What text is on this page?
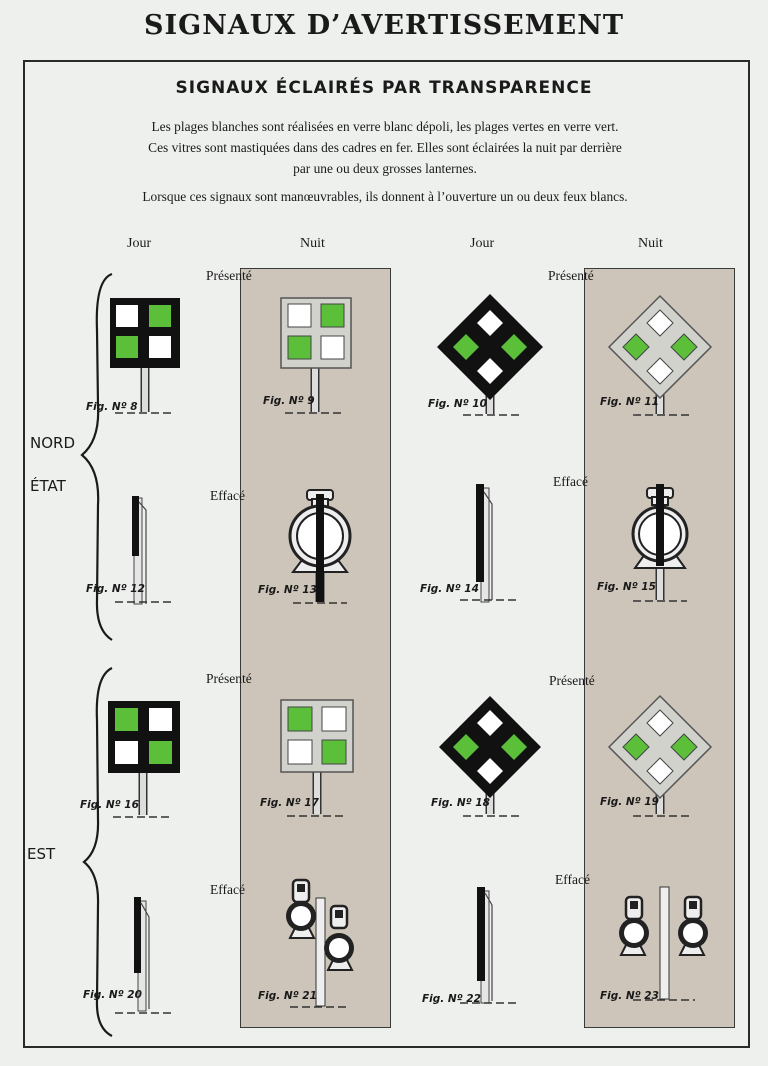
SIGNAUX D’AVERTISSEMENT
SIGNAUX ÉCLAIRÉS PAR TRANSPARENCE
Les plages blanches sont réalisées en verre blanc dépoli, les plages vertes en verre vert.
Ces vitres sont mastiquées dans des cadres en fer. Elles sont éclairées la nuit par derrière
par une ou deux grosses lanternes.
Lorsque ces signaux sont manœuvrables, ils donnent à l’ouverture un ou deux feux blancs.
Jour	Nuit	Jour	Nuit
Présenté	Présenté
Effacé
Effacé
Présenté	Présenté
Effacé
Effacé
NORD
ÉTAT
EST
Fig. Nº 8	Fig. Nº 9	Fig. Nº 10	Fig. Nº 11
Fig. Nº 12	Fig. Nº 13	Fig. Nº 14	Fig. Nº 15
Fig. Nº 16	Fig. Nº 17	Fig. Nº 18	Fig. Nº 19
Fig. Nº 20	Fig. Nº 21	Fig. Nº 22	Fig. Nº 23
